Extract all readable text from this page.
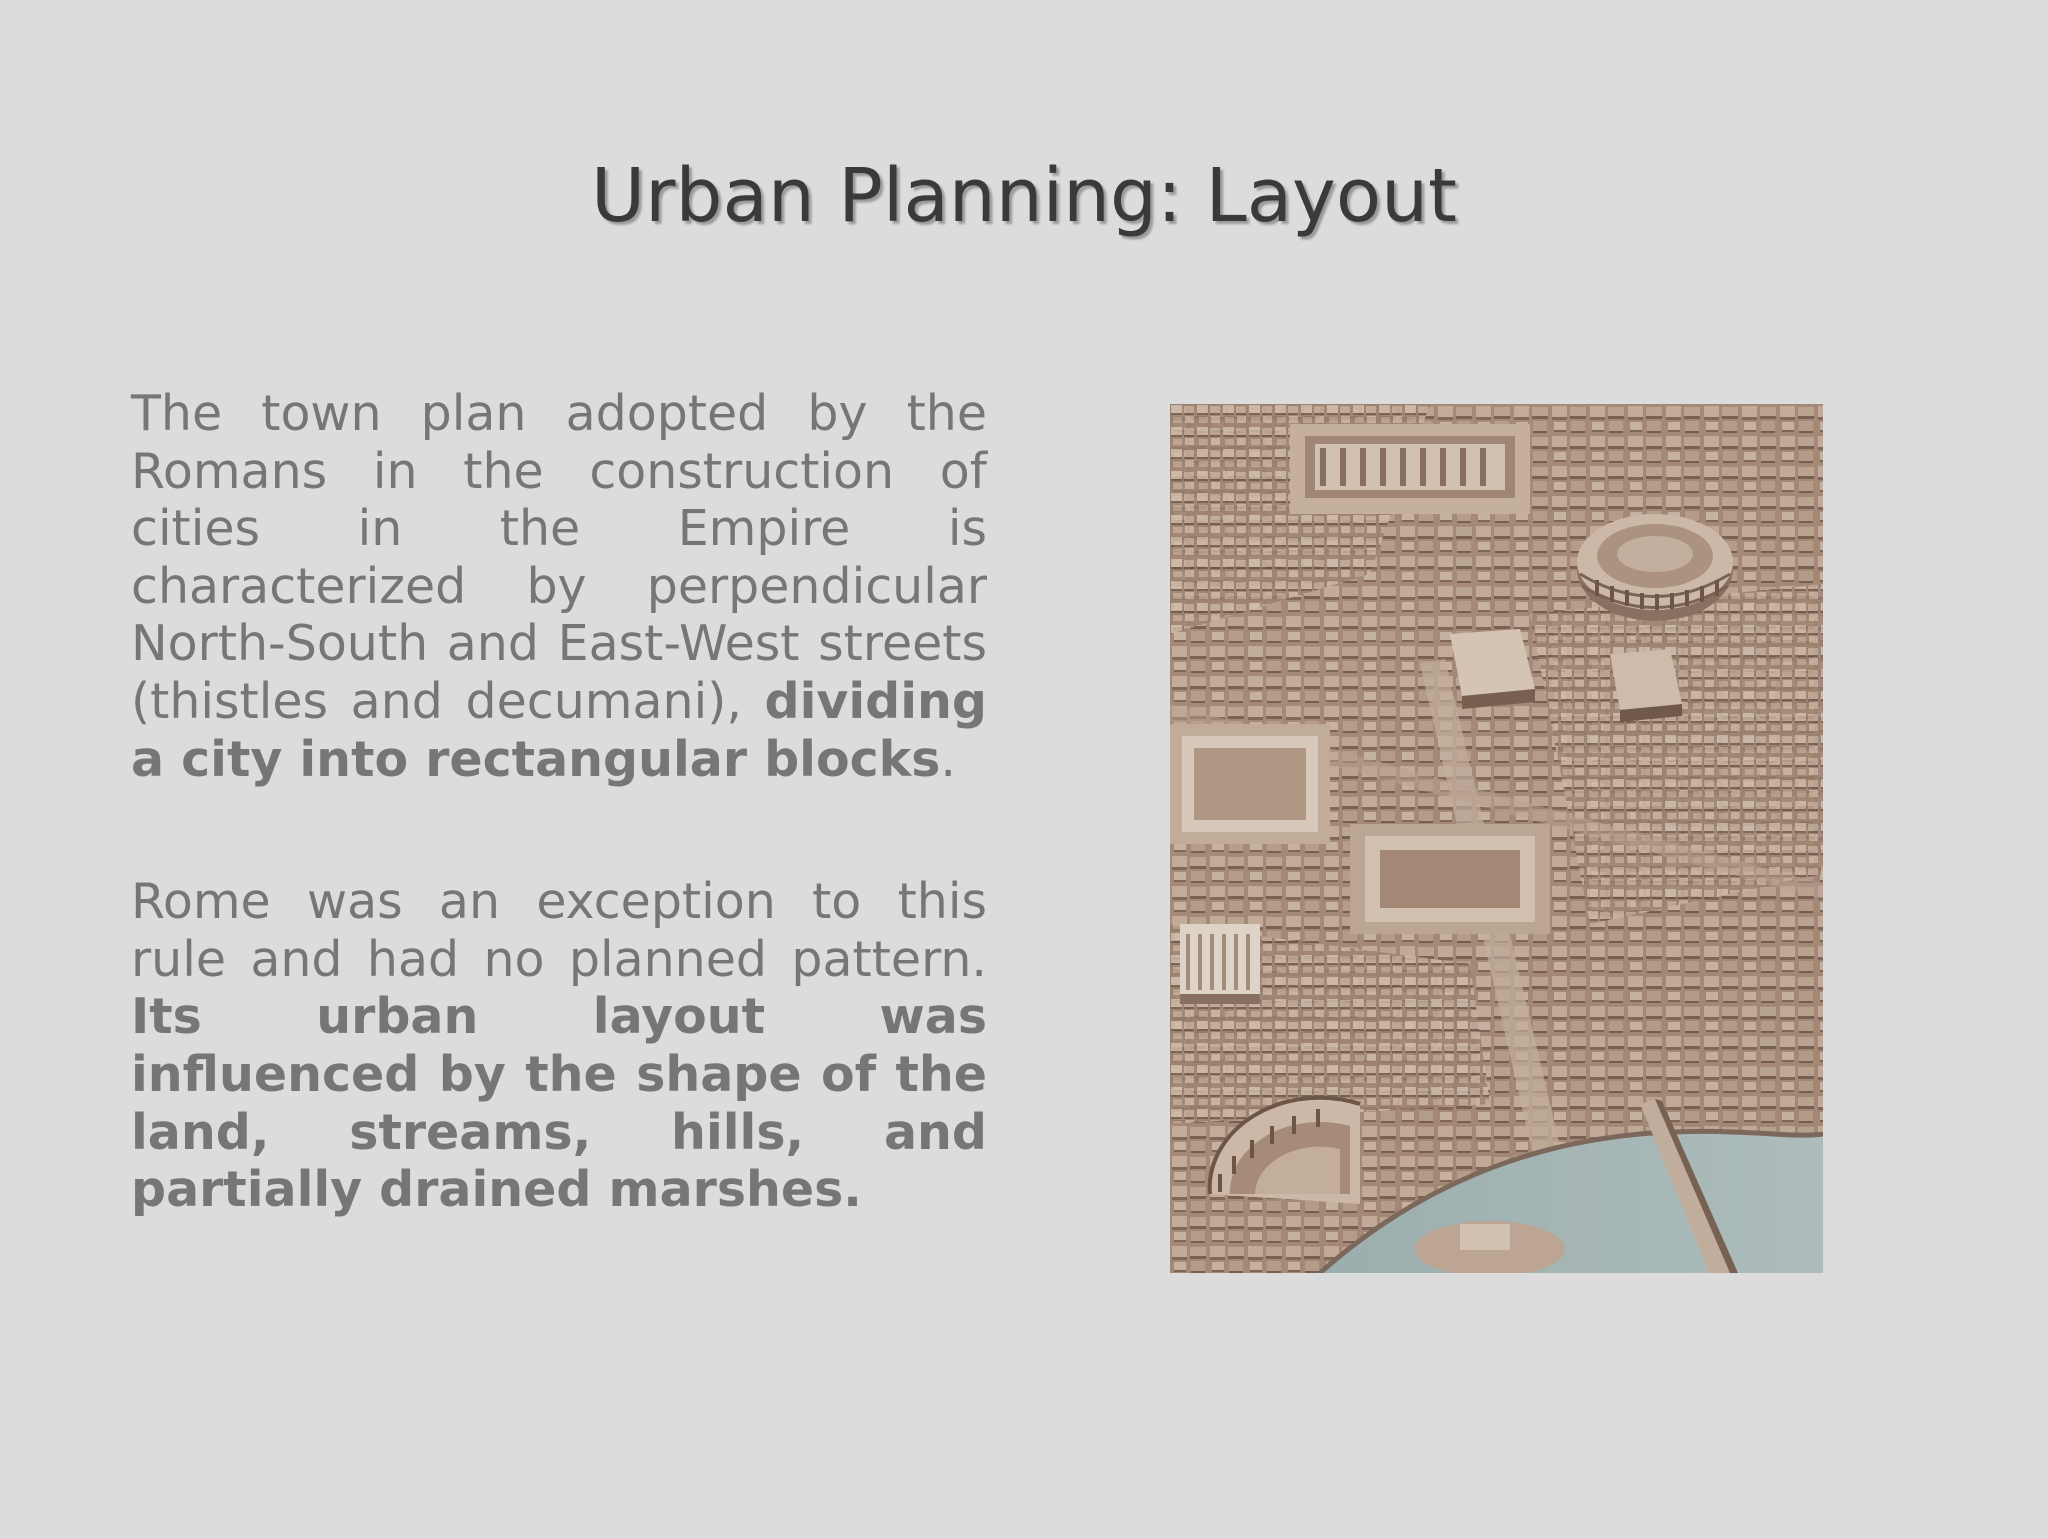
Urban Planning: Layout

The town plan adopted by the Romans in the construction of cities in the Empire is characterized by perpendicular North-South and East-West streets (thistles and decumani), dividing a city into rectangular blocks.

Rome was an exception to this rule and had no planned pattern. Its urban layout was influenced by the shape of the land, streams, hills, and partially drained marshes.
